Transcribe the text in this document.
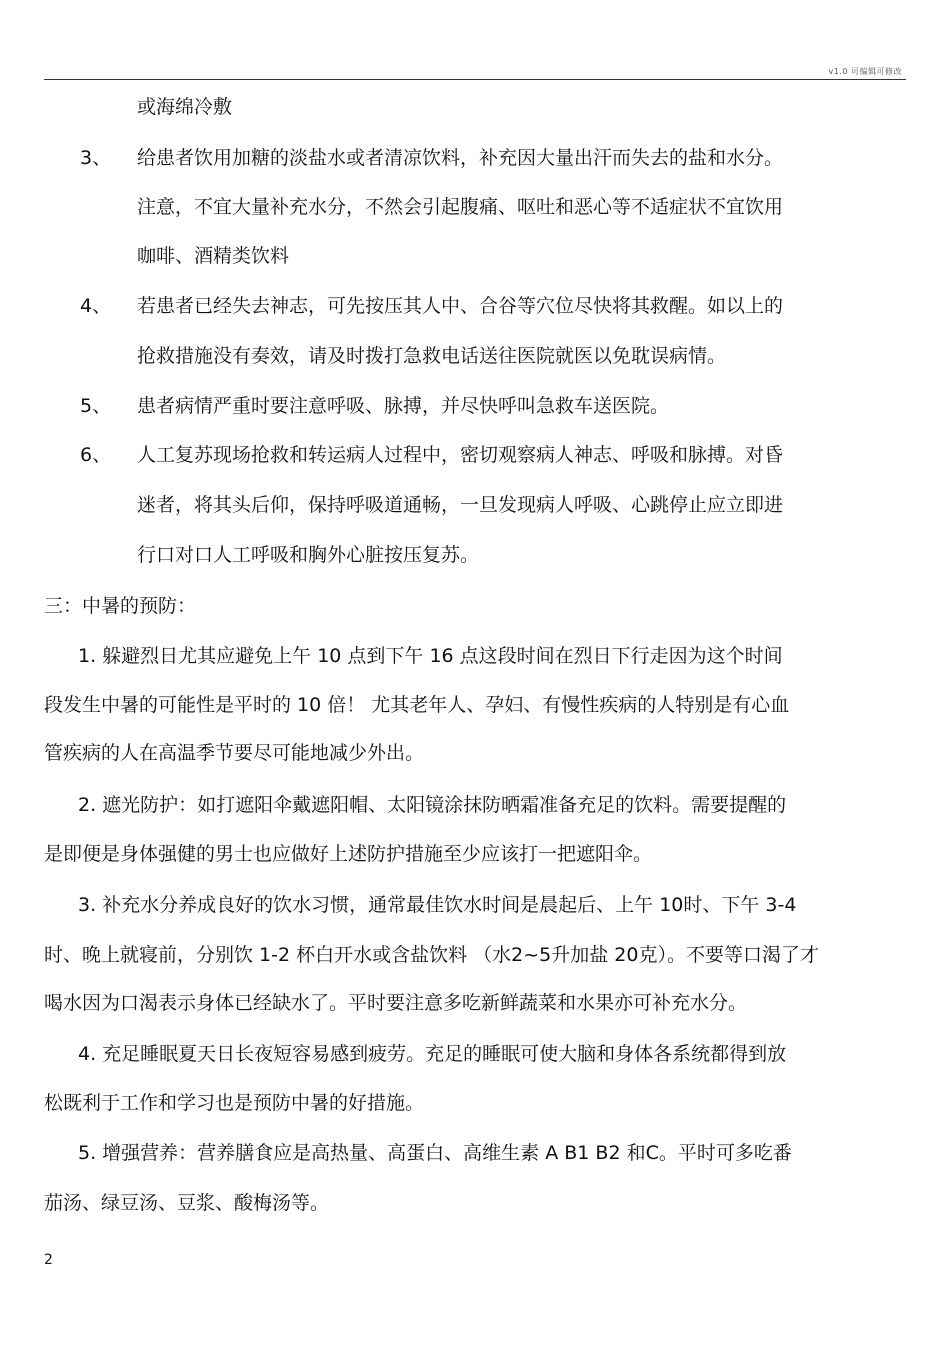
v1.0 可编辑可修改
或海绵冷敷
3、 给患者饮用加糖的淡盐水或者清凉饮料，补充因大量出汗而失去的盐和水分。
注意，不宜大量补充水分，不然会引起腹痛、呕吐和恶心等不适症状不宜饮用
咖啡、酒精类饮料
4、 若患者已经失去神志，可先按压其人中、合谷等穴位尽快将其救醒。如以上的
抢救措施没有奏效，请及时拨打急救电话送往医院就医以免耽误病情。
5、 患者病情严重时要注意呼吸、脉搏，并尽快呼叫急救车送医院。
6、 人工复苏现场抢救和转运病人过程中，密切观察病人神志、呼吸和脉搏。对昏
迷者，将其头后仰，保持呼吸道通畅，一旦发现病人呼吸、心跳停止应立即进
行口对口人工呼吸和胸外心脏按压复苏。
三：中暑的预防：
1. 躲避烈日尤其应避免上午 10 点到下午 16 点这段时间在烈日下行走因为这个时间
段发生中暑的可能性是平时的 10 倍！ 尤其老年人、孕妇、有慢性疾病的人特别是有心血
管疾病的人在高温季节要尽可能地减少外出。
2. 遮光防护：如打遮阳伞戴遮阳帽、太阳镜涂抹防晒霜准备充足的饮料。需要提醒的
是即便是身体强健的男士也应做好上述防护措施至少应该打一把遮阳伞。
3. 补充水分养成良好的饮水习惯，通常最佳饮水时间是晨起后、上午 10时、下午 3-4
时、晚上就寝前，分别饮 1-2 杯白开水或含盐饮料 （水2~5升加盐 20克）。不要等口渴了才
喝水因为口渴表示身体已经缺水了。平时要注意多吃新鲜蔬菜和水果亦可补充水分。
4. 充足睡眠夏天日长夜短容易感到疲劳。充足的睡眠可使大脑和身体各系统都得到放
松既利于工作和学习也是预防中暑的好措施。
5. 增强营养：营养膳食应是高热量、高蛋白、高维生素 A B1 B2 和C。平时可多吃番
茄汤、绿豆汤、豆浆、酸梅汤等。
2
